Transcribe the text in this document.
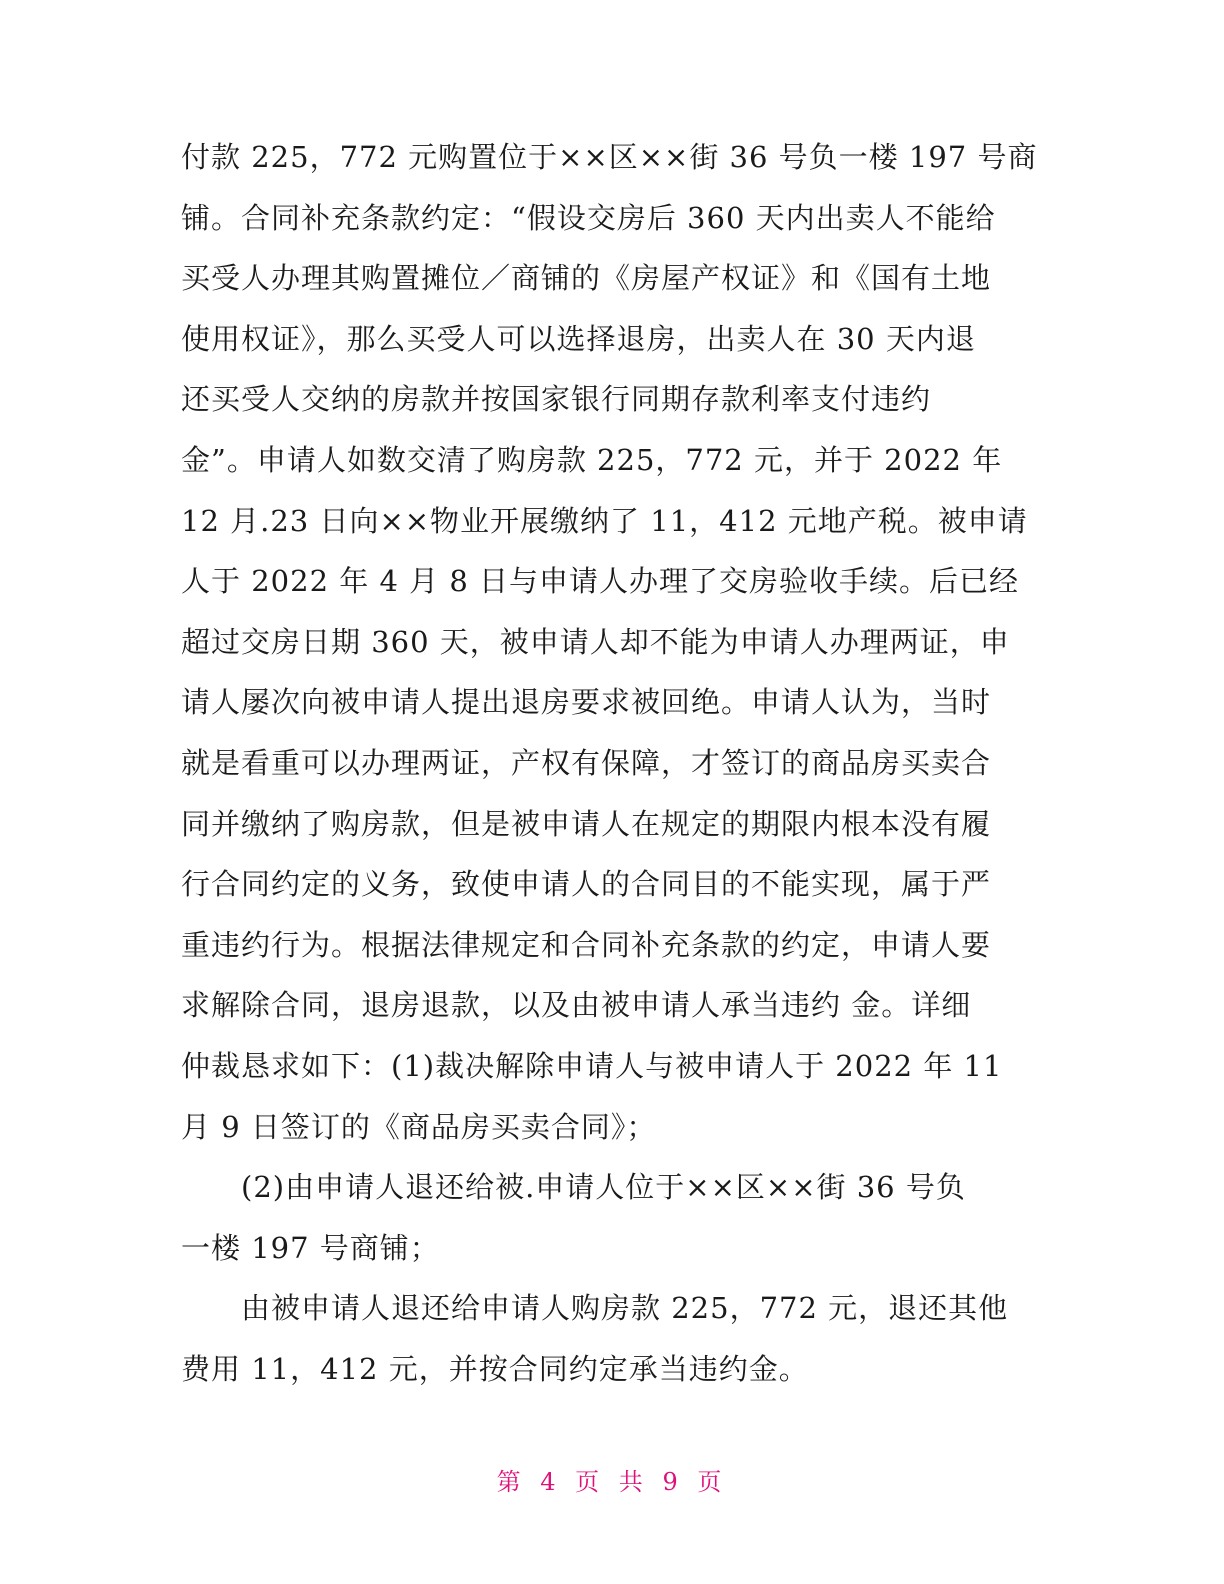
付款 225，772 元购置位于××区××街 36 号负一楼 197 号商
铺。合同补充条款约定：“假设交房后 360 天内出卖人不能给
买受人办理其购置摊位／商铺的《房屋产权证》和《国有土地
使用权证》，那么买受人可以选择退房，出卖人在 30 天内退
还买受人交纳的房款并按国家银行同期存款利率支付违约
金”。申请人如数交清了购房款 225，772 元，并于 2022 年
12 月.23 日向××物业开展缴纳了 11，412 元地产税。被申请
人于 2022 年 4 月 8 日与申请人办理了交房验收手续。后已经
超过交房日期 360 天，被申请人却不能为申请人办理两证，申
请人屡次向被申请人提出退房要求被回绝。申请人认为，当时
就是看重可以办理两证，产权有保障，才签订的商品房买卖合
同并缴纳了购房款，但是被申请人在规定的期限内根本没有履
行合同约定的义务，致使申请人的合同目的不能实现，属于严
重违约行为。根据法律规定和合同补充条款的约定，申请人要
求解除合同，退房退款，以及由被申请人承当违约 金。详细
仲裁恳求如下：(1)裁决解除申请人与被申请人于 2022 年 11
月 9 日签订的《商品房买卖合同》；
(2)由申请人退还给被.申请人位于××区××街 36 号负
一楼 197 号商铺；
由被申请人退还给申请人购房款 225，772 元，退还其他
费用 11，412 元，并按合同约定承当违约金。
第 4 页 共 9 页
